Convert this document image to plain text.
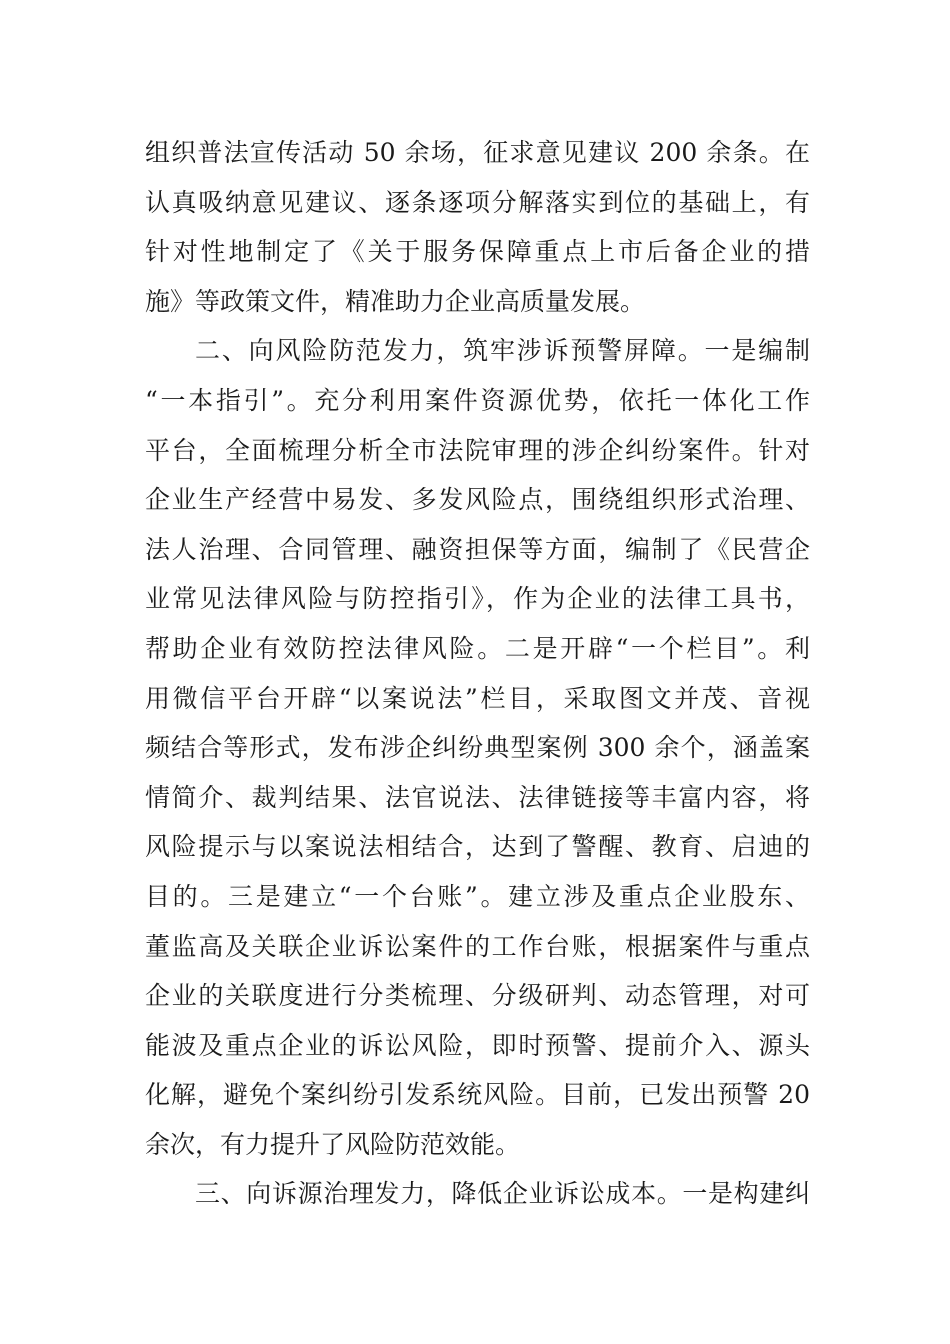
组织普法宣传活动 50 余场，征求意见建议 200 余条。在
认真吸纳意见建议、逐条逐项分解落实到位的基础上，有
针对性地制定了《关于服务保障重点上市后备企业的措
施》等政策文件，精准助力企业高质量发展。
二、向风险防范发力，筑牢涉诉预警屏障。一是编制
“一本指引”。充分利用案件资源优势，依托一体化工作
平台，全面梳理分析全市法院审理的涉企纠纷案件。针对
企业生产经营中易发、多发风险点，围绕组织形式治理、
法人治理、合同管理、融资担保等方面，编制了《民营企
业常见法律风险与防控指引》，作为企业的法律工具书，
帮助企业有效防控法律风险。二是开辟“一个栏目”。利
用微信平台开辟“以案说法”栏目，采取图文并茂、音视
频结合等形式，发布涉企纠纷典型案例 300 余个，涵盖案
情简介、裁判结果、法官说法、法律链接等丰富内容，将
风险提示与以案说法相结合，达到了警醒、教育、启迪的
目的。三是建立“一个台账”。建立涉及重点企业股东、
董监高及关联企业诉讼案件的工作台账，根据案件与重点
企业的关联度进行分类梳理、分级研判、动态管理，对可
能波及重点企业的诉讼风险，即时预警、提前介入、源头
化解，避免个案纠纷引发系统风险。目前，已发出预警 20
余次，有力提升了风险防范效能。
三、向诉源治理发力，降低企业诉讼成本。一是构建纠
